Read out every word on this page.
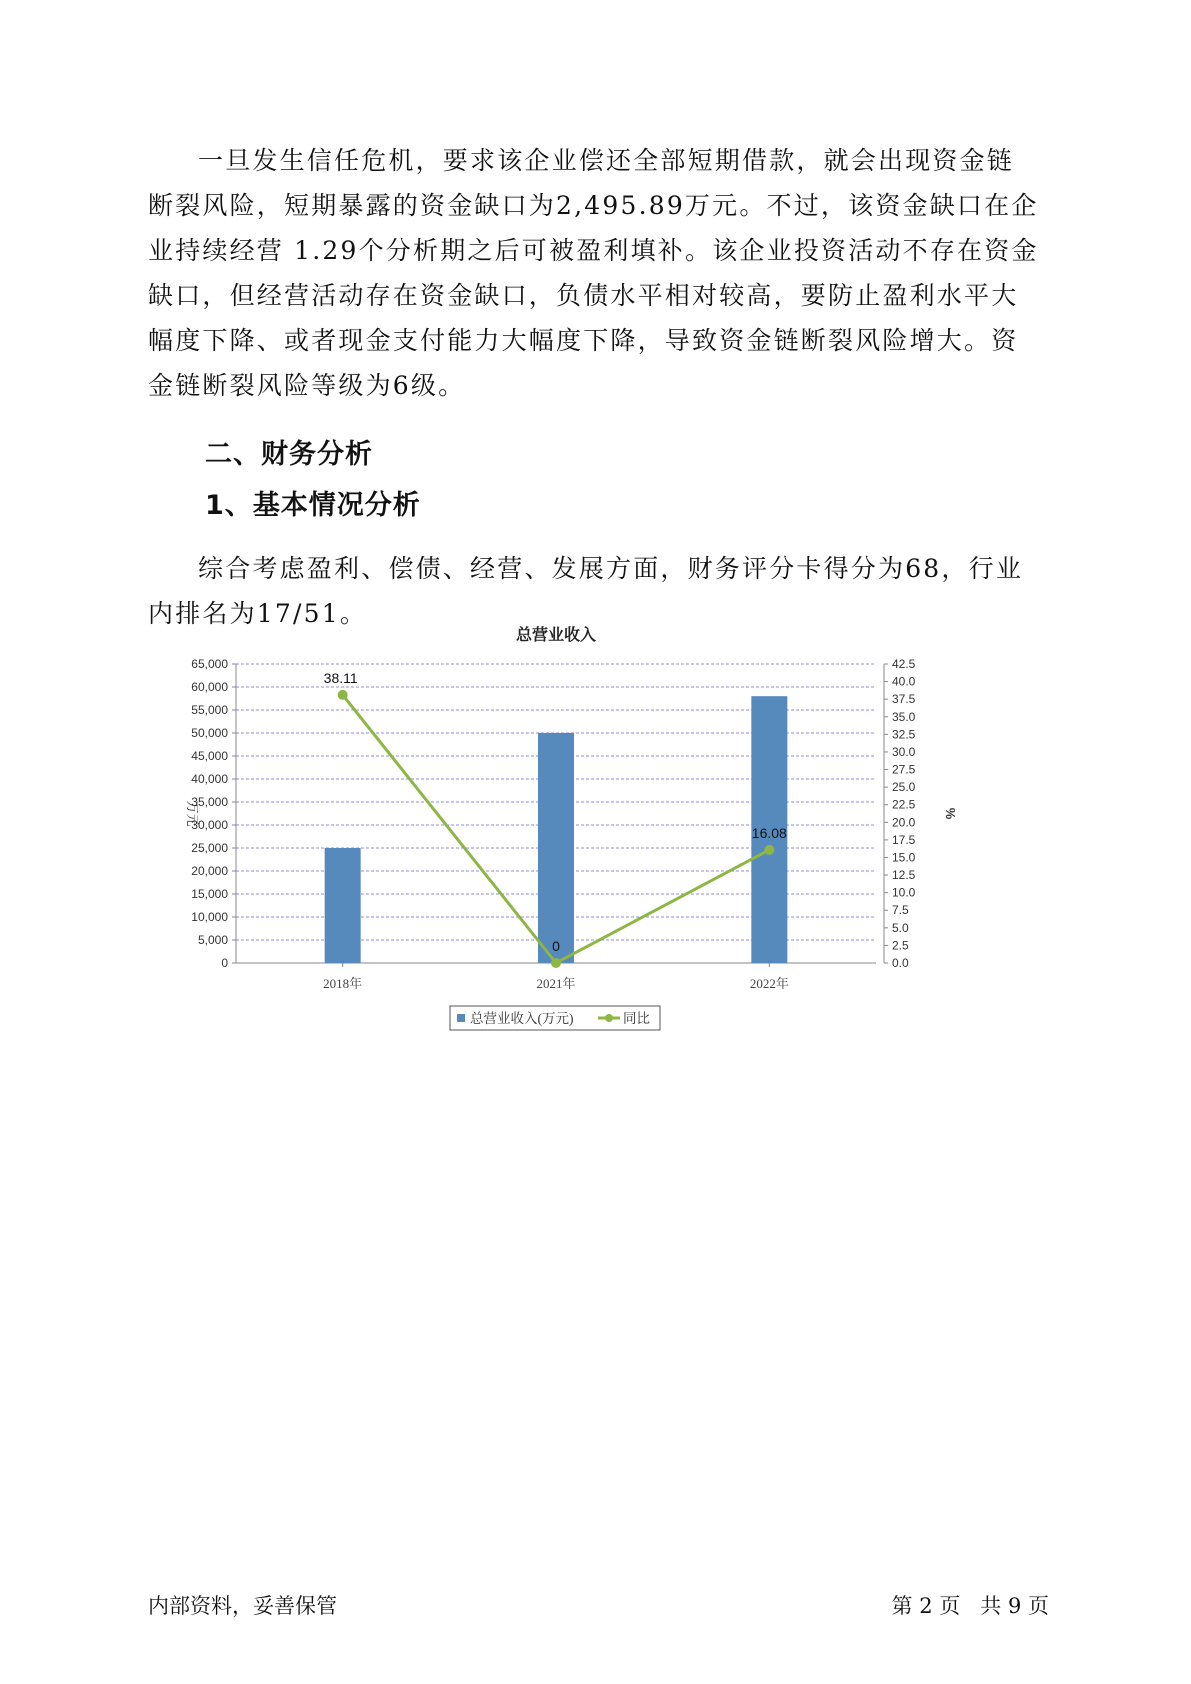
一旦发生信任危机，要求该企业偿还全部短期借款，就会出现资金链
断裂风险，短期暴露的资金缺口为2,495.89万元。不过，该资金缺口在企
业持续经营 1.29个分析期之后可被盈利填补。该企业投资活动不存在资金
缺口，但经营活动存在资金缺口，负债水平相对较高，要防止盈利水平大
幅度下降、或者现金支付能力大幅度下降，导致资金链断裂风险增大。资
金链断裂风险等级为6级。
二、财务分析
1、基本情况分析
综合考虑盈利、偿债、经营、发展方面，财务评分卡得分为68，行业
内排名为17/51。
总营业收入
0
5,000
10,000
15,000
20,000
25,000
30,000
35,000
40,000
45,000
50,000
55,000
60,000
65,000
0.0
2.5
5.0
7.5
10.0
12.5
15.0
17.5
20.0
22.5
25.0
27.5
30.0
32.5
35.0
37.5
40.0
42.5
万元	%
2018年	2021年	2022年
38.11
0
16.08
总营业收入(万元)	同比
内部资料，妥善保管	第 2 页   共 9 页
